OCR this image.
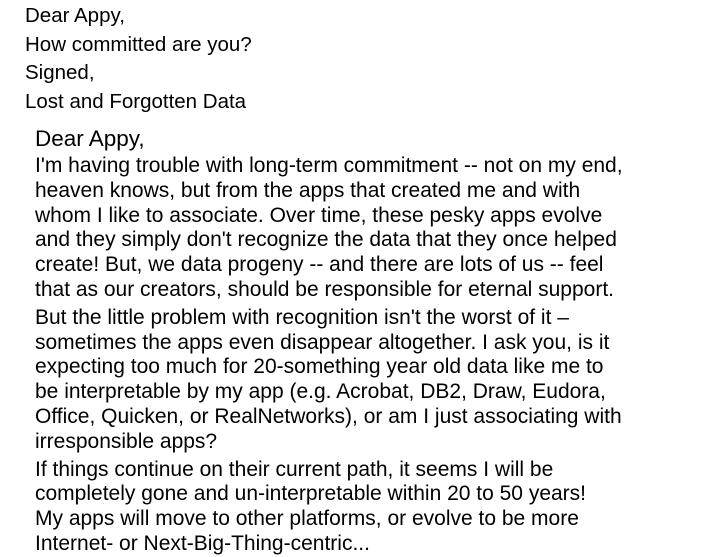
Dear Appy,
How committed are you?
Signed,
Lost and Forgotten Data
Dear Appy,

I'm having trouble with long-term commitment -- not on my end,

heaven knows, but from the apps that created me and with

whom I like to associate. Over time, these pesky apps evolve

and they simply don't recognize the data that they once helped

create! But, we data progeny -- and there are lots of us -- feel

that as our creators, should be responsible for eternal support.

But the little problem with recognition isn't the worst of it –

sometimes the apps even disappear altogether. I ask you, is it

expecting too much for 20-something year old data like me to

be interpretable by my app (e.g. Acrobat, DB2, Draw, Eudora,

Office, Quicken, or RealNetworks), or am I just associating with

irresponsible apps?

If things continue on their current path, it seems I will be

completely gone and un-interpretable within 20 to 50 years!

My apps will move to other platforms, or evolve to be more

Internet- or Next-Big-Thing-centric...
